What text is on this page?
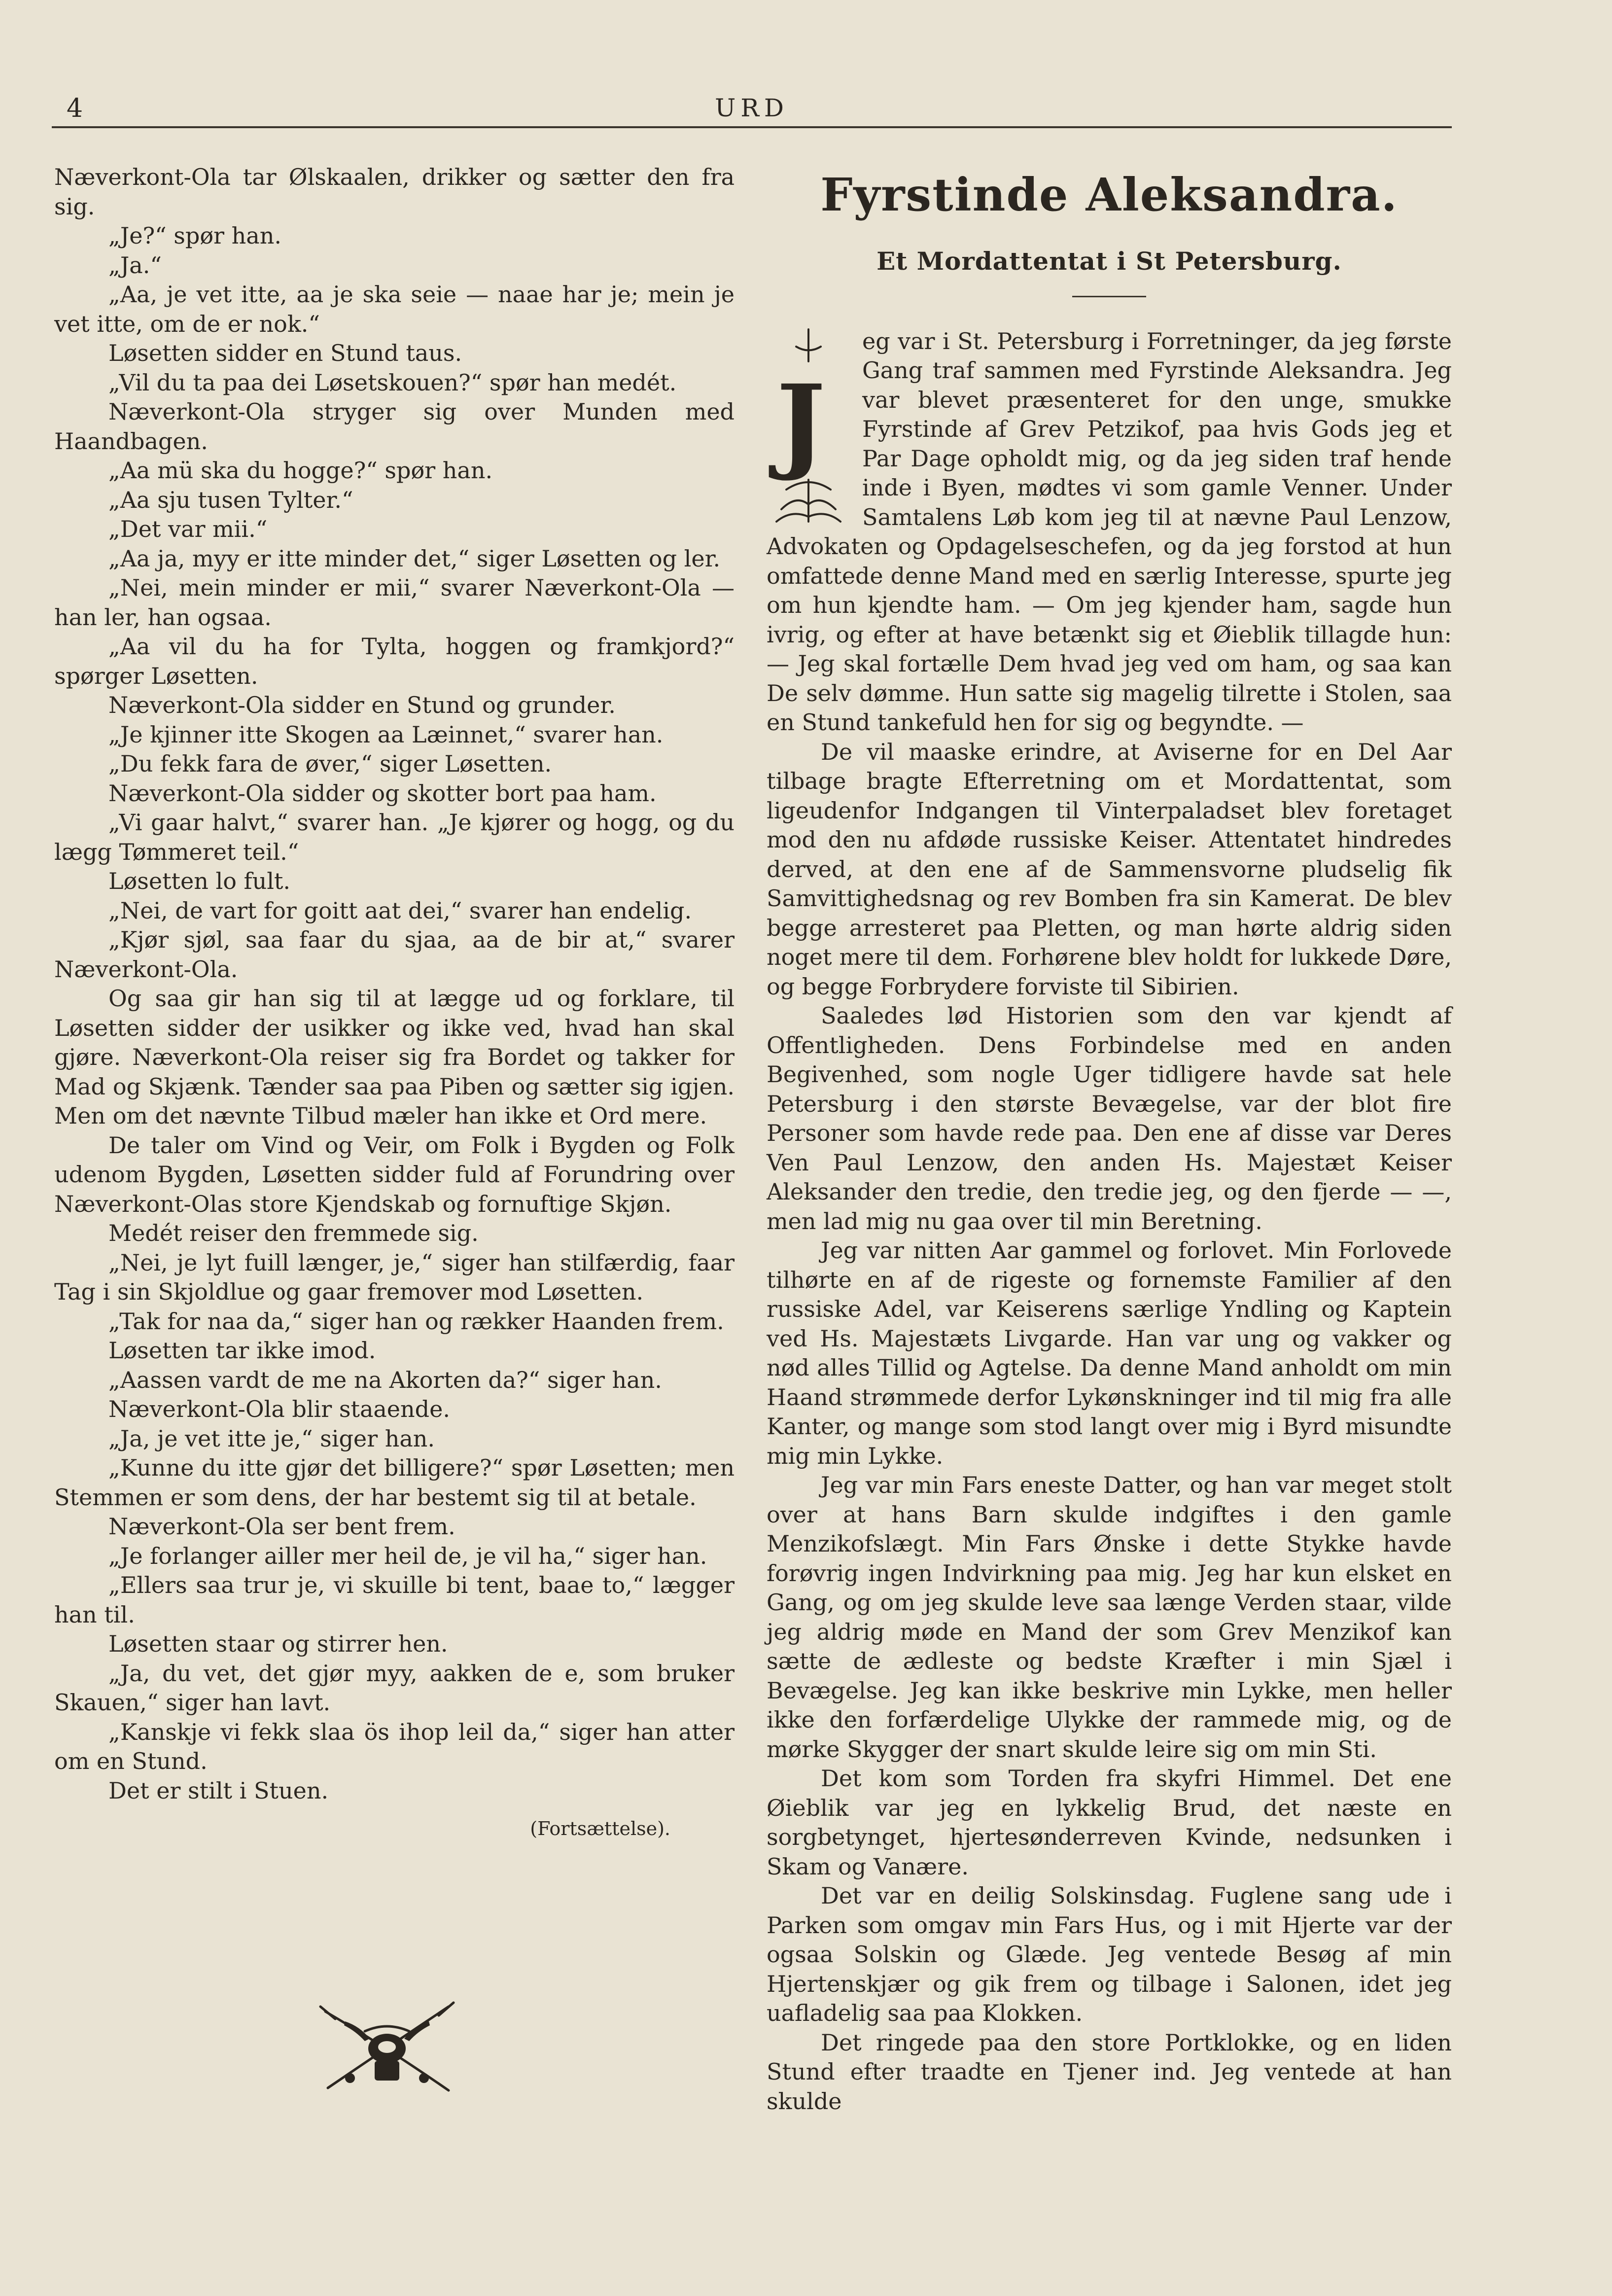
4	URD

Næverkont-Ola tar Ølskaalen, drikker og sætter den fra sig.

„Je?“ spør han.

„Ja.“

„Aa, je vet itte, aa je ska seie — naae har je; mein je vet itte, om de er nok.“

Løsetten sidder en Stund taus.

„Vil du ta paa dei Løsetskouen?“ spør han medét.

Næverkont-Ola stryger sig over Munden med Haandbagen.

„Aa mü ska du hogge?“ spør han.

„Aa sju tusen Tylter.“

„Det var mii.“

„Aa ja, myy er itte minder det,“ siger Løsetten og ler.

„Nei, mein minder er mii,“ svarer Næverkont-Ola — han ler, han ogsaa.

„Aa vil du ha for Tylta, hoggen og framkjord?“ spørger Løsetten.

Næverkont-Ola sidder en Stund og grunder.

„Je kjinner itte Skogen aa Læinnet,“ svarer han.

„Du fekk fara de øver,“ siger Løsetten.

Næverkont-Ola sidder og skotter bort paa ham.

„Vi gaar halvt,“ svarer han. „Je kjører og hogg, og du lægg Tømmeret teil.“

Løsetten lo fult.

„Nei, de vart for goitt aat dei,“ svarer han endelig.

„Kjør sjøl, saa faar du sjaa, aa de bir at,“ svarer Næverkont-Ola.

Og saa gir han sig til at lægge ud og forklare, til Løsetten sidder der usikker og ikke ved, hvad han skal gjøre. Næverkont-Ola reiser sig fra Bordet og takker for Mad og Skjænk. Tænder saa paa Piben og sætter sig igjen. Men om det nævnte Tilbud mæler han ikke et Ord mere.

De taler om Vind og Veir, om Folk i Bygden og Folk udenom Bygden, Løsetten sidder fuld af Forundring over Næverkont-Olas store Kjendskab og fornuftige Skjøn.

Medét reiser den fremmede sig.

„Nei, je lyt fuill længer, je,“ siger han stilfærdig, faar Tag i sin Skjoldlue og gaar fremover mod Løsetten.

„Tak for naa da,“ siger han og rækker Haanden frem.

Løsetten tar ikke imod.

„Aassen vardt de me na Akorten da?“ siger han.

Næverkont-Ola blir staaende.

„Ja, je vet itte je,“ siger han.

„Kunne du itte gjør det billigere?“ spør Løsetten; men Stemmen er som dens, der har bestemt sig til at betale.

Næverkont-Ola ser bent frem.

„Je forlanger ailler mer heil de, je vil ha,“ siger han.

„Ellers saa trur je, vi skuille bi tent, baae to,“ lægger han til.

Løsetten staar og stirrer hen.

„Ja, du vet, det gjør myy, aakken de e, som bruker Skauen,“ siger han lavt.

„Kanskje vi fekk slaa ös ihop leil da,“ siger han atter om en Stund.

Det er stilt i Stuen.

(Fortsættelse).

Fyrstinde Aleksandra.
Et Mordattentat i St Petersburg.
J

eg var i St. Petersburg i Forretninger, da jeg første Gang traf sammen med Fyrstinde Aleksandra. Jeg var blevet præsenteret for den unge, smukke Fyrstinde af Grev Petzikof, paa hvis Gods jeg et Par Dage opholdt mig, og da jeg siden traf hende inde i Byen, mødtes vi som gamle Venner. Under Samtalens Løb kom jeg til at nævne Paul Lenzow, Advokaten og Opdagelseschefen, og da jeg forstod at hun omfattede denne Mand med en særlig Interesse, spurte jeg om hun kjendte ham. — Om jeg kjender ham, sagde hun ivrig, og efter at have betænkt sig et Øieblik tillagde hun: — Jeg skal fortælle Dem hvad jeg ved om ham, og saa kan De selv dømme. Hun satte sig magelig tilrette i Stolen, saa en Stund tankefuld hen for sig og begyndte. —

De vil maaske erindre, at Aviserne for en Del Aar tilbage bragte Efterretning om et Mordattentat, som ligeudenfor Indgangen til Vinterpaladset blev foretaget mod den nu afdøde russiske Keiser. Attentatet hindredes derved, at den ene af de Sammensvorne pludselig fik Samvittighedsnag og rev Bomben fra sin Kamerat. De blev begge arresteret paa Pletten, og man hørte aldrig siden noget mere til dem. Forhørene blev holdt for lukkede Døre, og begge Forbrydere forviste til Sibirien.

Saaledes lød Historien som den var kjendt af Offentligheden. Dens Forbindelse med en anden Begivenhed, som nogle Uger tidligere havde sat hele Petersburg i den største Bevægelse, var der blot fire Personer som havde rede paa. Den ene af disse var Deres Ven Paul Lenzow, den anden Hs. Majestæt Keiser Aleksander den tredie, den tredie jeg, og den fjerde — —, men lad mig nu gaa over til min Beretning.

Jeg var nitten Aar gammel og forlovet. Min Forlovede tilhørte en af de rigeste og fornemste Familier af den russiske Adel, var Keiserens særlige Yndling og Kaptein ved Hs. Majestæts Livgarde. Han var ung og vakker og nød alles Tillid og Agtelse. Da denne Mand anholdt om min Haand strømmede derfor Lykønskninger ind til mig fra alle Kanter, og mange som stod langt over mig i Byrd misundte mig min Lykke.

Jeg var min Fars eneste Datter, og han var meget stolt over at hans Barn skulde indgiftes i den gamle Menzikofslægt. Min Fars Ønske i dette Stykke havde forøvrig ingen Indvirkning paa mig. Jeg har kun elsket en Gang, og om jeg skulde leve saa længe Verden staar, vilde jeg aldrig møde en Mand der som Grev Menzikof kan sætte de ædleste og bedste Kræfter i min Sjæl i Bevægelse. Jeg kan ikke beskrive min Lykke, men heller ikke den forfærdelige Ulykke der rammede mig, og de mørke Skygger der snart skulde leire sig om min Sti.

Det kom som Torden fra skyfri Himmel. Det ene Øieblik var jeg en lykkelig Brud, det næste en sorgbetynget, hjertesønderreven Kvinde, nedsunken i Skam og Vanære.

Det var en deilig Solskinsdag. Fuglene sang ude i Parken som omgav min Fars Hus, og i mit Hjerte var der ogsaa Solskin og Glæde. Jeg ventede Besøg af min Hjertenskjær og gik frem og tilbage i Salonen, idet jeg uafladelig saa paa Klokken.

Det ringede paa den store Portklokke, og en liden Stund efter traadte en Tjener ind. Jeg ventede at han skulde
